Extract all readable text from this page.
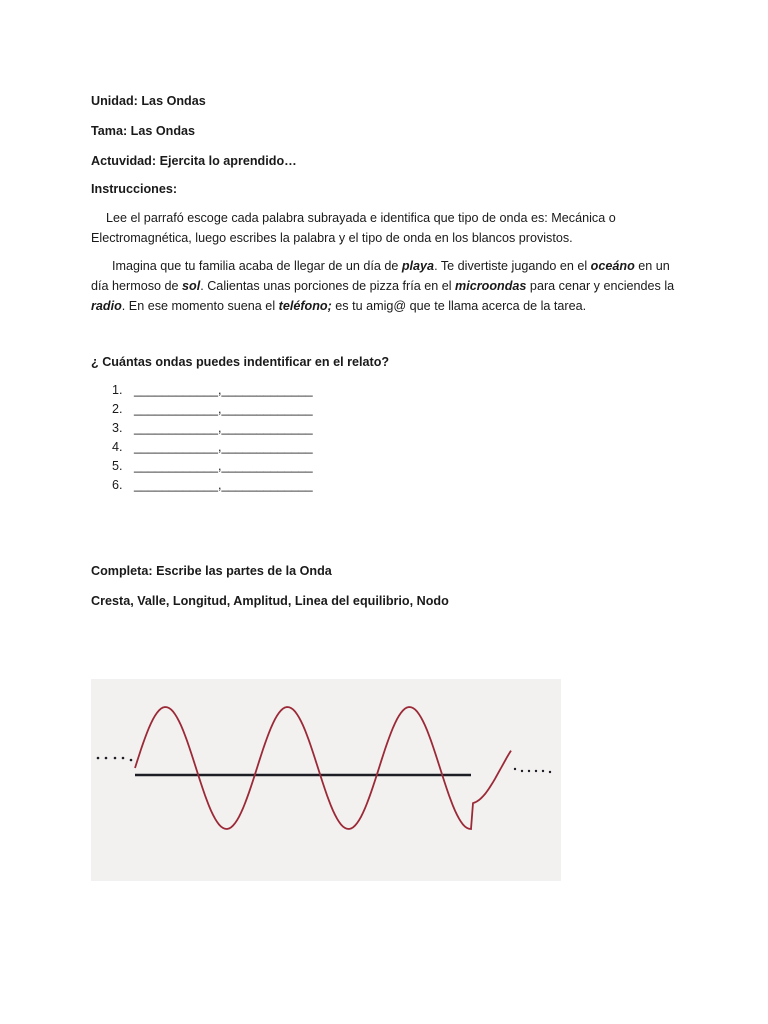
Unidad: Las Ondas
Tama: Las Ondas
Actuvidad: Ejercita lo aprendido…
Instrucciones:
Lee el parrafó escoge cada palabra subrayada e identifica que tipo de onda es: Mecánica o
Electromagnética, luego escribes la palabra y el tipo de onda en los blancos provistos.
Imagina que tu familia acaba de llegar de un día de playa. Te divertiste jugando en el oceáno en un
día hermoso de sol. Calientas unas porciones de pizza fría en el microondas para cenar y enciendes la
radio. En ese momento suena el teléfono; es tu amig@ que te llama acerca de la tarea.
¿ Cuántas ondas puedes indentificar en el relato?
1. ____________,_____________
2. ____________,_____________
3. ____________,_____________
4. ____________,_____________
5. ____________,_____________
6. ____________,_____________
Completa: Escribe las partes de la Onda
Cresta, Valle, Longitud, Amplitud, Linea del equilibrio, Nodo
